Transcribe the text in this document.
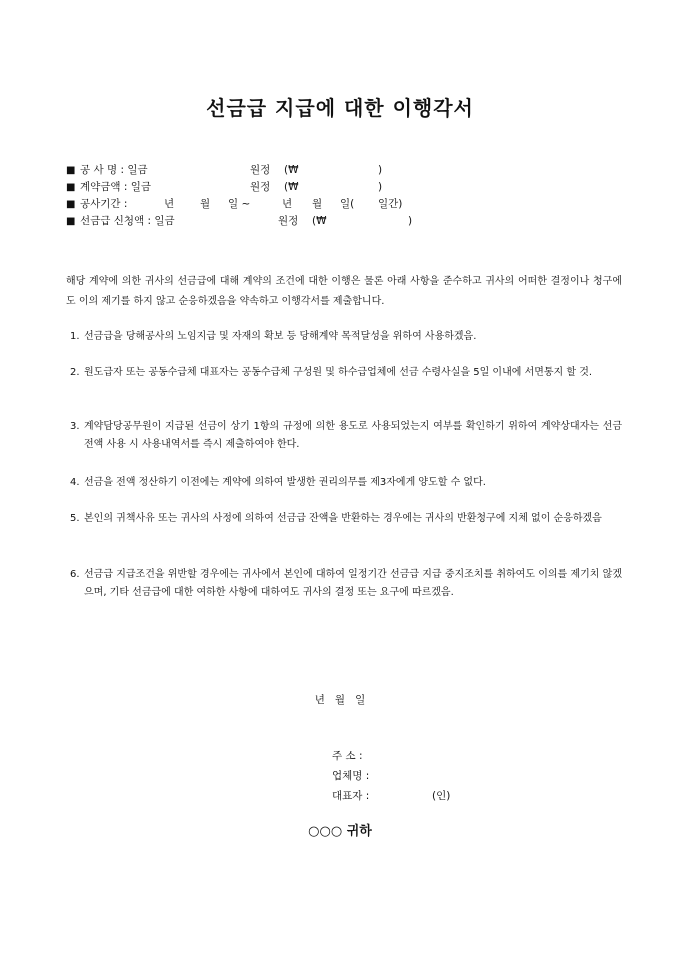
선금급 지급에 대한 이행각서
■ 공 사 명 : 일금	원정 (₩	)
■ 계약금액 : 일금	원정 (₩	)
■ 공사기간 :	년 월 일 ~	년 월 일( 일간)
■ 선금급 신청액 : 일금	원정 (₩	)
해당 계약에 의한 귀사의 선금급에 대해 계약의 조건에 대한 이행은 물론 아래 사항을 준수하고 귀사의 어떠한 결정이나 청구에도 이의 제기를 하지 않고 순응하겠음을 약속하고 이행각서를 제출합니다.
1. 선금급을 당해공사의 노임지급 및 자재의 확보 등 당해계약 목적달성을 위하여 사용하겠음.
2. 원도급자 또는 공동수급체 대표자는 공동수급체 구성원 및 하수급업체에 선금 수령사실을 5일 이내에 서면통지 할 것.
3. 계약담당공무원이 지급된 선금이 상기 1항의 규정에 의한 용도로 사용되었는지 여부를 확인하기 위하여 계약상대자는 선금전액 사용 시 사용내역서를 즉시 제출하여야 한다.
4. 선금을 전액 정산하기 이전에는 계약에 의하여 발생한 권리의무를 제3자에게 양도할 수 없다.
5. 본인의 귀책사유 또는 귀사의 사정에 의하여 선금급 잔액을 반환하는 경우에는 귀사의 반환청구에 지체 없이 순응하겠음
6. 선금급 지급조건을 위반할 경우에는 귀사에서 본인에 대하여 일정기간 선금급 지급 중지조치를 취하여도 이의를 제기치 않겠으며, 기타 선금급에 대한 여하한 사항에 대하여도 귀사의 결정 또는 요구에 따르겠음.
년   월   일
주 소 :
업체명 :
대표자 :	(인)
○○○ 귀하
